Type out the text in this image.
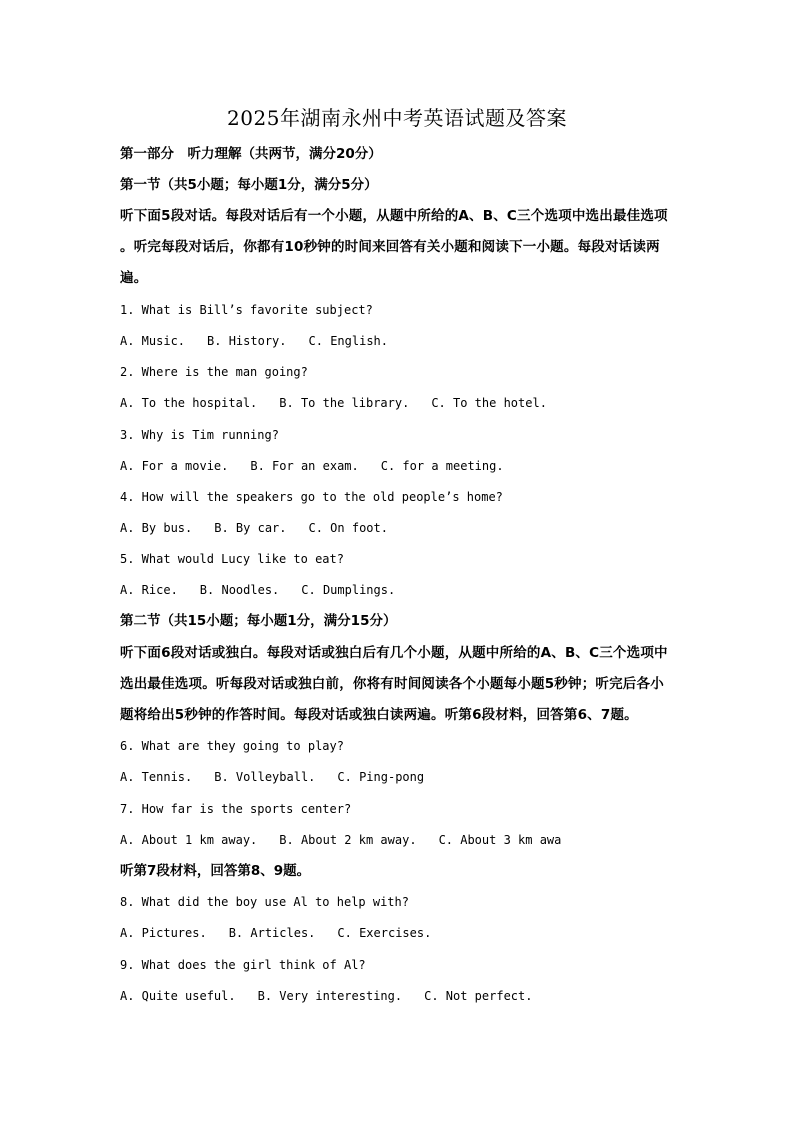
2025年湖南永州中考英语试题及答案
第一部分　听力理解（共两节，满分20分）
第一节（共5小题；每小题1分，满分5分）
听下面5段对话。每段对话后有一个小题，从题中所给的A、B、C三个选项中选出最佳选项
。听完每段对话后，你都有10秒钟的时间来回答有关小题和阅读下一小题。每段对话读两
遍。
1. What is Bill’s favorite subject?
A. Music. B. History. C. English.
2. Where is the man going?
A. To the hospital. B. To the library. C. To the hotel.
3. Why is Tim running?
A. For a movie. B. For an exam. C. for a meeting.
4. How will the speakers go to the old people’s home?
A. By bus. B. By car. C. On foot.
5. What would Lucy like to eat?
A. Rice. B. Noodles. C. Dumplings.
第二节（共15小题；每小题1分，满分15分）
听下面6段对话或独白。每段对话或独白后有几个小题，从题中所给的A、B、C三个选项中
选出最佳选项。听每段对话或独白前，你将有时间阅读各个小题每小题5秒钟；听完后各小
题将给出5秒钟的作答时间。每段对话或独白读两遍。听第6段材料，回答第6、7题。
6. What are they going to play?
A. Tennis. B. Volleyball. C. Ping-pong
7. How far is the sports center?
A. About 1 km away. B. About 2 km away. C. About 3 km awa
听第7段材料，回答第8、9题。
8. What did the boy use Al to help with?
A. Pictures. B. Articles. C. Exercises.
9. What does the girl think of Al?
A. Quite useful. B. Very interesting. C. Not perfect.
